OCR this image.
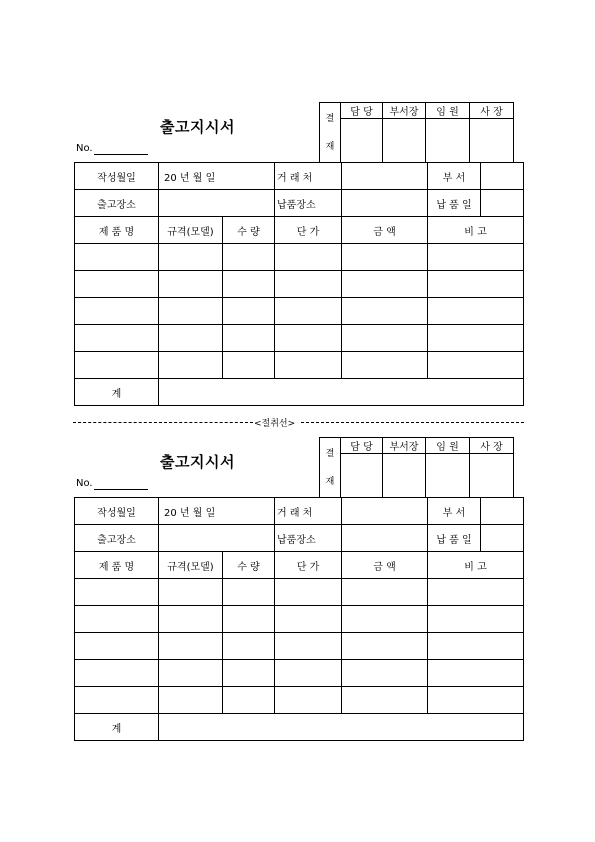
출고지시서
No.
결

재	담 당	부서장	임 원	사 장

작성월일	20 년 월 일		거 래 처		부 서

출고장소			납품장소		납 품 일

제 품 명	규격(모델)	수 량	단 가	금 액	비 고

계					
<절취선>
출고지시서
No.
결

재	담 당	부서장	임 원	사 장

작성월일	20 년 월 일		거 래 처		부 서

출고장소			납품장소		납 품 일

제 품 명	규격(모델)	수 량	단 가	금 액	비 고

계					
